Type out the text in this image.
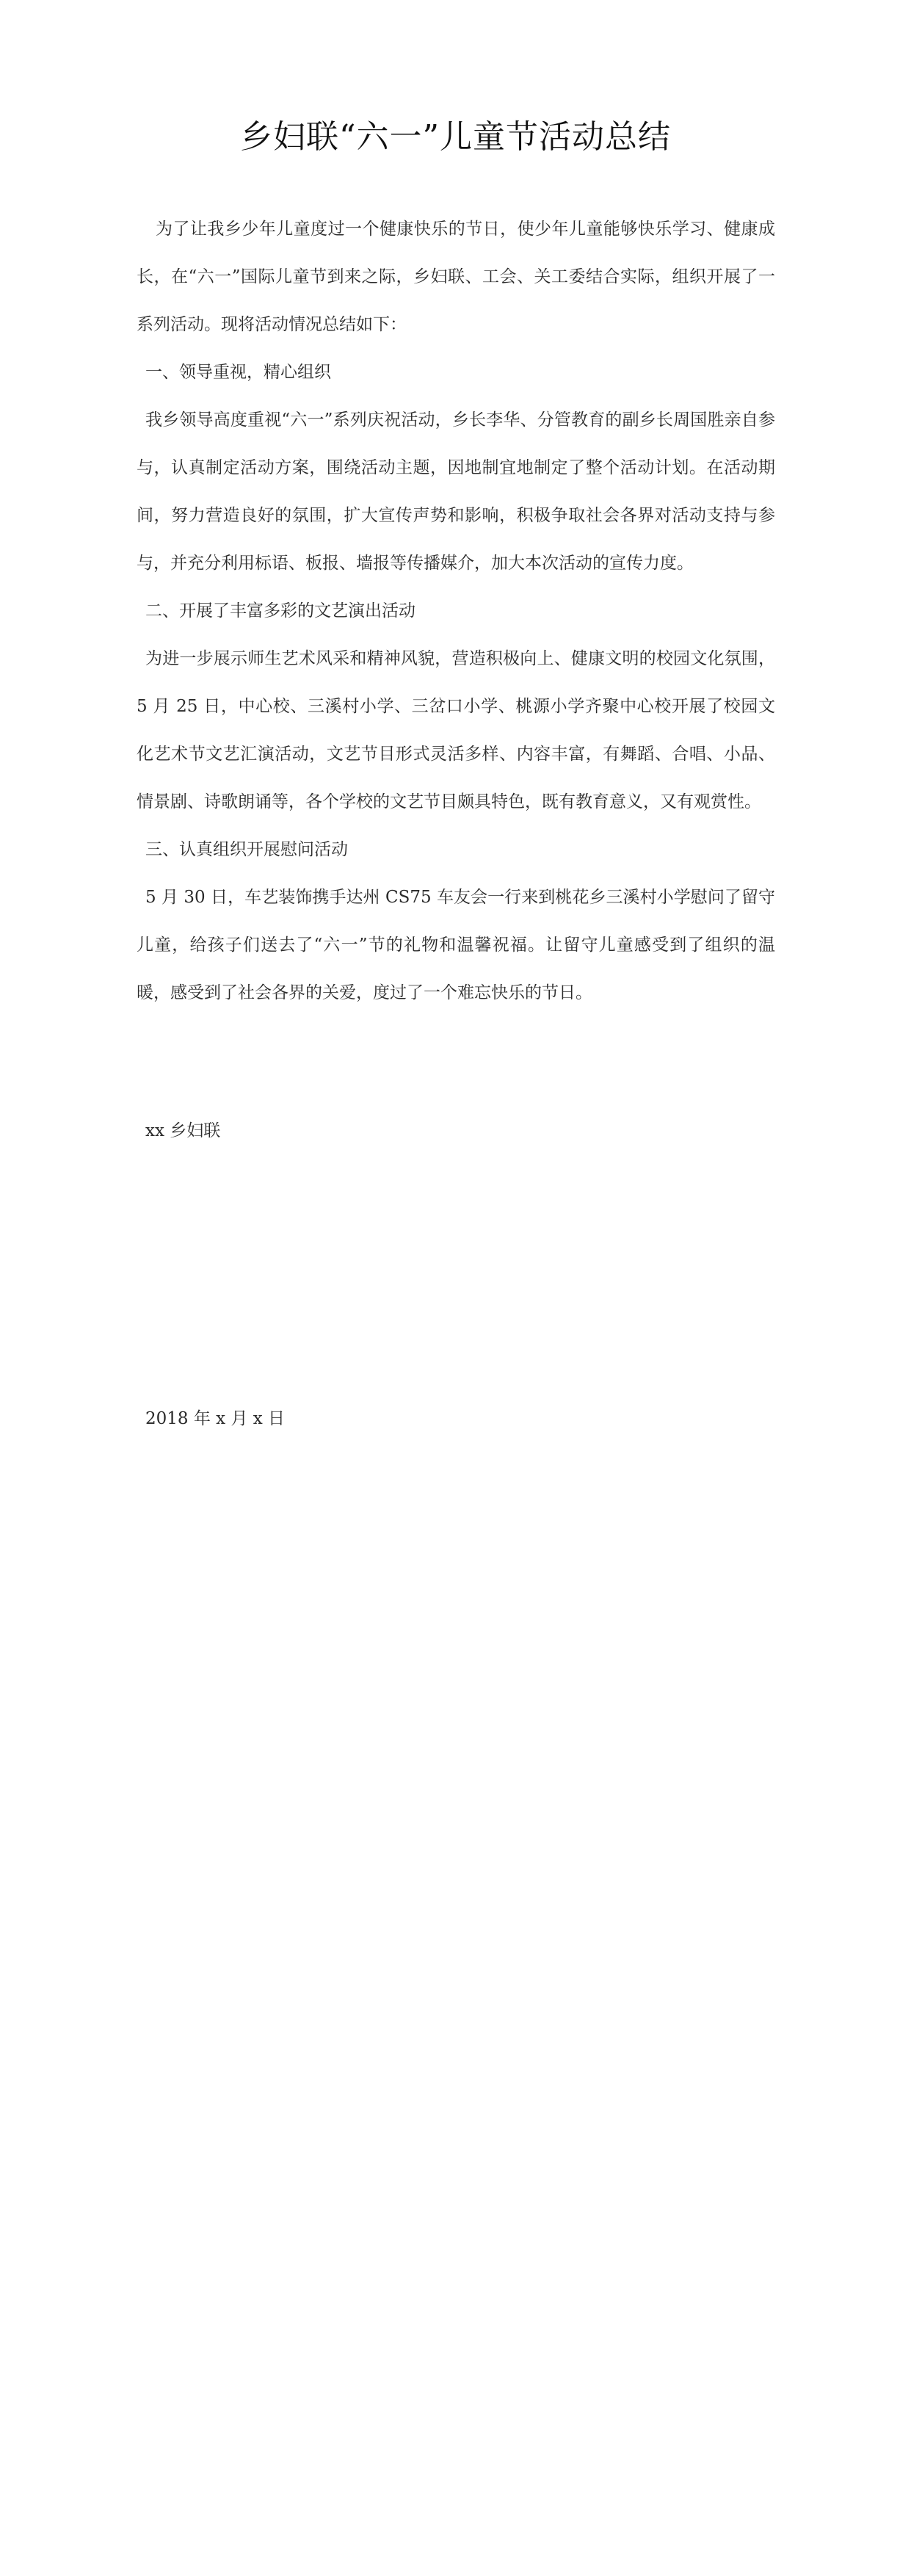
乡妇联“六一”儿童节活动总结

为了让我乡少年儿童度过一个健康快乐的节日，使少年儿童能够快乐学习、健康成长，在“六一”国际儿童节到来之际，乡妇联、工会、关工委结合实际，组织开展了一系列活动。现将活动情况总结如下：

一、领导重视，精心组织

我乡领导高度重视“六一”系列庆祝活动，乡长李华、分管教育的副乡长周国胜亲自参与，认真制定活动方案，围绕活动主题，因地制宜地制定了整个活动计划。在活动期间，努力营造良好的氛围，扩大宣传声势和影响，积极争取社会各界对活动支持与参与，并充分利用标语、板报、墙报等传播媒介，加大本次活动的宣传力度。

二、开展了丰富多彩的文艺演出活动

为进一步展示师生艺术风采和精神风貌，营造积极向上、健康文明的校园文化氛围，5 月 25 日，中心校、三溪村小学、三岔口小学、桃源小学齐聚中心校开展了校园文化艺术节文艺汇演活动，文艺节目形式灵活多样、内容丰富，有舞蹈、合唱、小品、情景剧、诗歌朗诵等，各个学校的文艺节目颇具特色，既有教育意义，又有观赏性。

三、认真组织开展慰问活动

5 月 30 日，车艺装饰携手达州 CS75 车友会一行来到桃花乡三溪村小学慰问了留守儿童，给孩子们送去了“六一”节的礼物和温馨祝福。让留守儿童感受到了组织的温暖，感受到了社会各界的关爱，度过了一个难忘快乐的节日。

xx 乡妇联

2018 年 x 月 x 日
